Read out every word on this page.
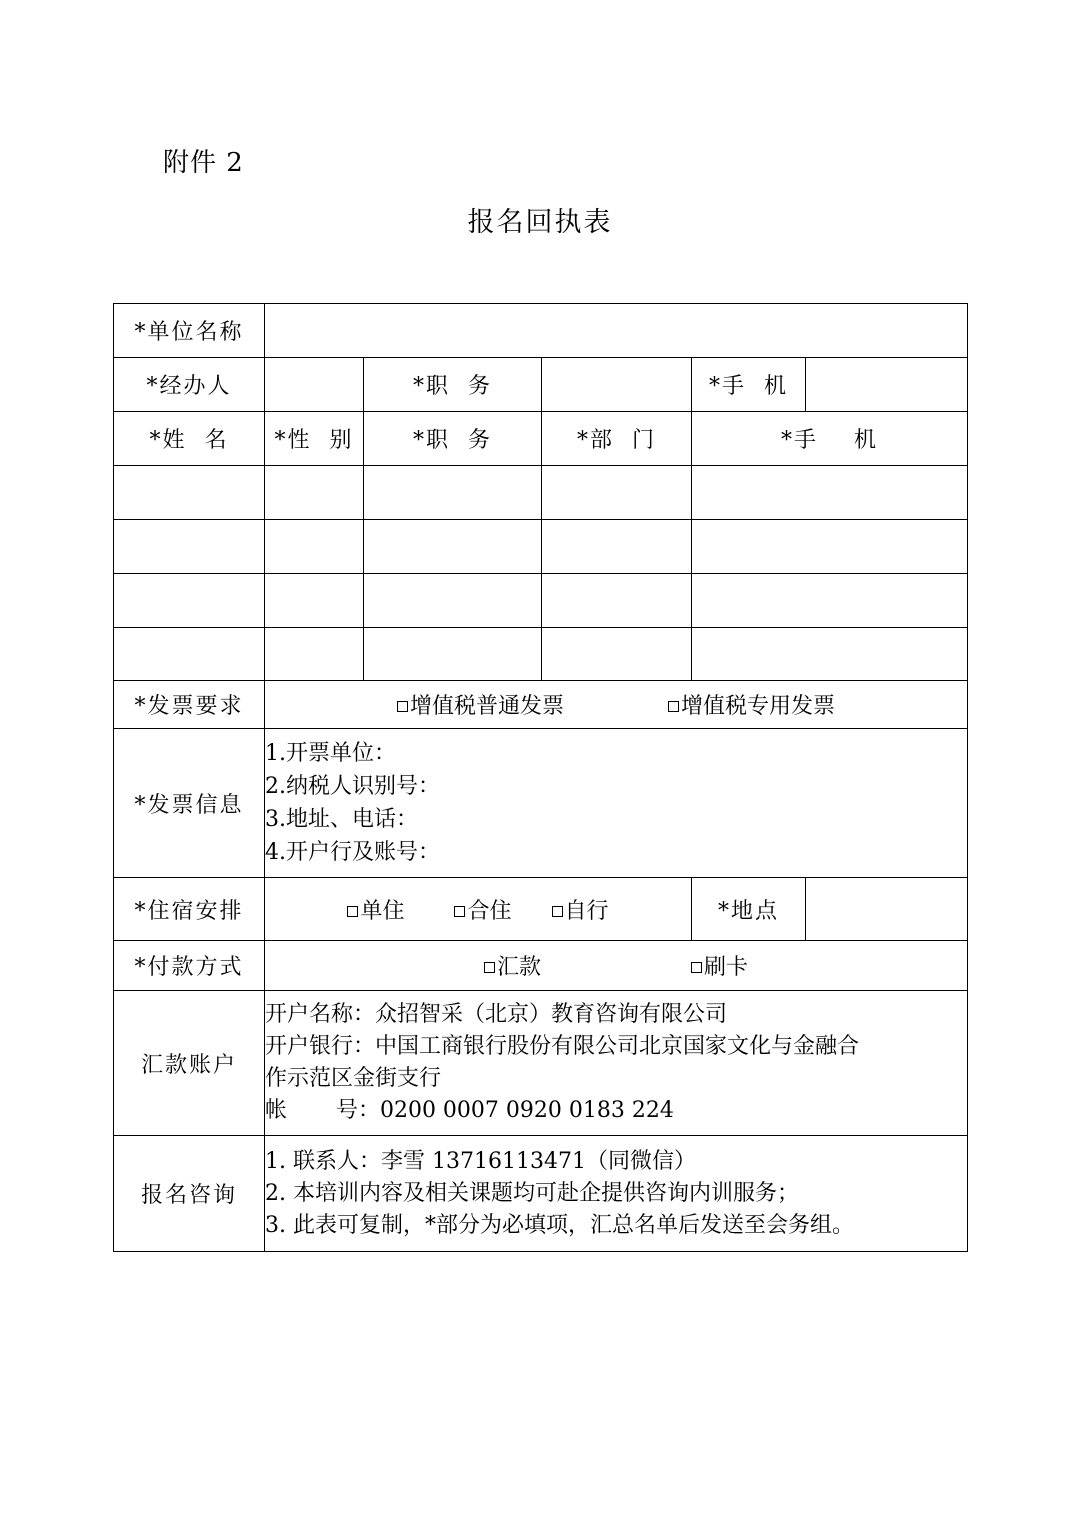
附件 2
报名回执表
*单位名称					
*经办人		*职  务		*手  机	
*姓  名	*性  别	*职  务	*部  门	*手    机	

*发票要求	增值税普通发票 增值税专用发票				
*发票信息	1.开票单位：
2.纳税人识别号：
3.地址、电话：
4.开户行及账号：				

*住宿安排	单住 合住 自行			*地点	
*付款方式	汇款 刷卡				
汇款账户	开户名称：众招智采（北京）教育咨询有限公司
开户银行：中国工商银行股份有限公司北京国家文化与金融合
作示范区金街支行
帐       号：0200 0007 0920 0183 224				

报名咨询	1. 联系人：李雪 13716113471（同微信）
2. 本培训内容及相关课题均可赴企提供咨询内训服务；
3. 此表可复制，*部分为必填项，汇总名单后发送至会务组。				
